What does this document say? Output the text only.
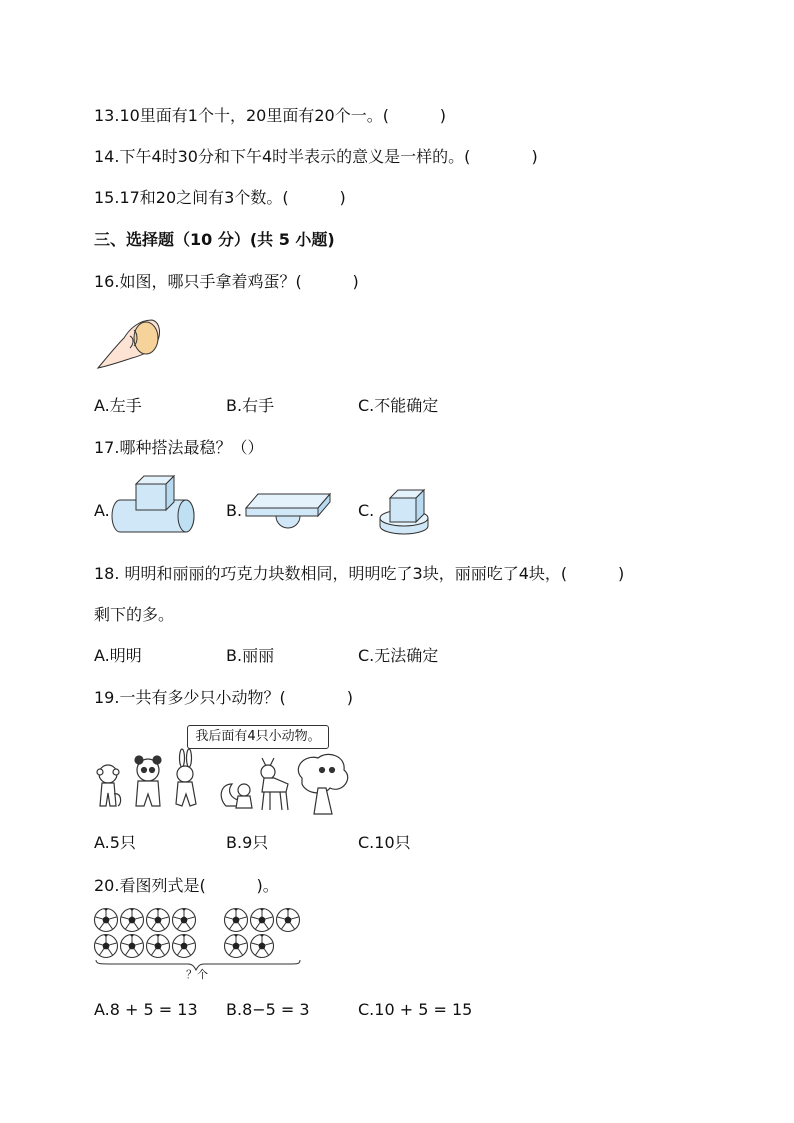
13.10里面有1个十，20里面有20个一。(          )
14.下午4时30分和下午4时半表示的意义是一样的。(            )
15.17和20之间有3个数。(          )
三、选择题（10 分）(共 5 小题)
16.如图，哪只手拿着鸡蛋？(          )
A.左手	B.右手	C.不能确定
17.哪种搭法最稳？（）
A.	B.	C.
18. 明明和丽丽的巧克力块数相同，明明吃了3块，丽丽吃了4块，(          )
剩下的多。
A.明明	B.丽丽	C.无法确定
19.一共有多少只小动物？(            )
我后面有4只小动物。
A.5只	B.9只	C.10只
20.看图列式是(          )。
？个
A.8 + 5 = 13 B.8−5 = 3	C.10 + 5 = 15
